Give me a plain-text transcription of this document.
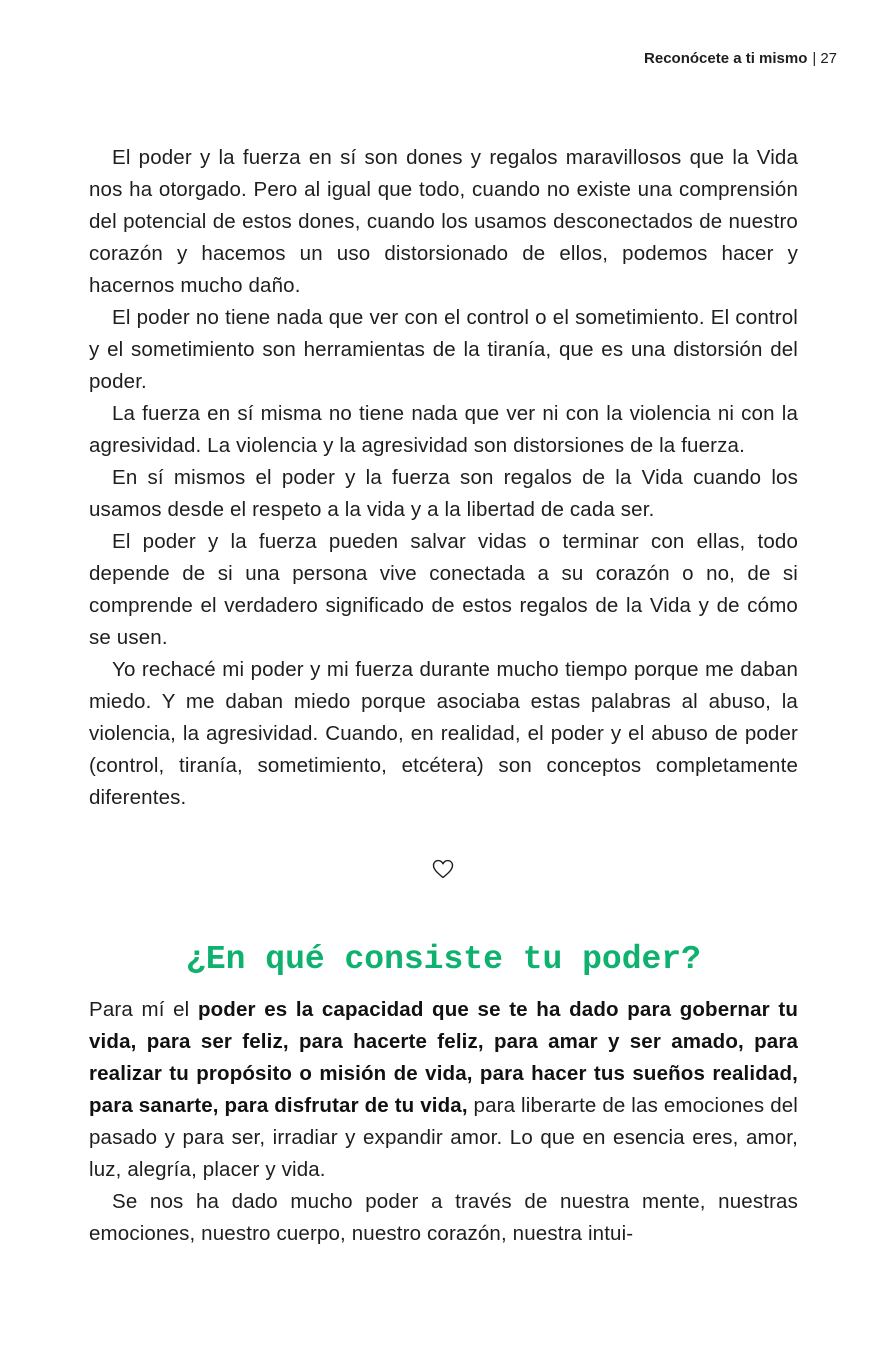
Reconócete a ti mismo | 27

El poder y la fuerza en sí son dones y regalos maravillosos que la Vida nos ha otorgado. Pero al igual que todo, cuando no existe una comprensión del potencial de estos dones, cuando los usamos desconectados de nuestro corazón y hacemos un uso distorsionado de ellos, podemos hacer y hacernos mucho daño.

El poder no tiene nada que ver con el control o el sometimiento. El control y el sometimiento son herramientas de la tiranía, que es una distorsión del poder.

La fuerza en sí misma no tiene nada que ver ni con la violencia ni con la agresividad. La violencia y la agresividad son distorsiones de la fuerza.

En sí mismos el poder y la fuerza son regalos de la Vida cuando los usamos desde el respeto a la vida y a la libertad de cada ser.

El poder y la fuerza pueden salvar vidas o terminar con ellas, todo depende de si una persona vive conectada a su corazón o no, de si comprende el verdadero significado de estos regalos de la Vida y de cómo se usen.

Yo rechacé mi poder y mi fuerza durante mucho tiempo porque me daban miedo. Y me daban miedo porque asociaba estas palabras al abuso, la violencia, la agresividad. Cuando, en realidad, el poder y el abuso de poder (control, tiranía, sometimiento, etcétera) son conceptos completamente diferentes.

¿En qué consiste tu poder?

Para mí el poder es la capacidad que se te ha dado para gobernar tu vida, para ser feliz, para hacerte feliz, para amar y ser amado, para realizar tu propósito o misión de vida, para hacer tus sueños realidad, para sanarte, para disfrutar de tu vida, para liberarte de las emociones del pasado y para ser, irradiar y expandir amor. Lo que en esencia eres, amor, luz, alegría, placer y vida.

Se nos ha dado mucho poder a través de nuestra mente, nuestras emociones, nuestro cuerpo, nuestro corazón, nuestra intui-
